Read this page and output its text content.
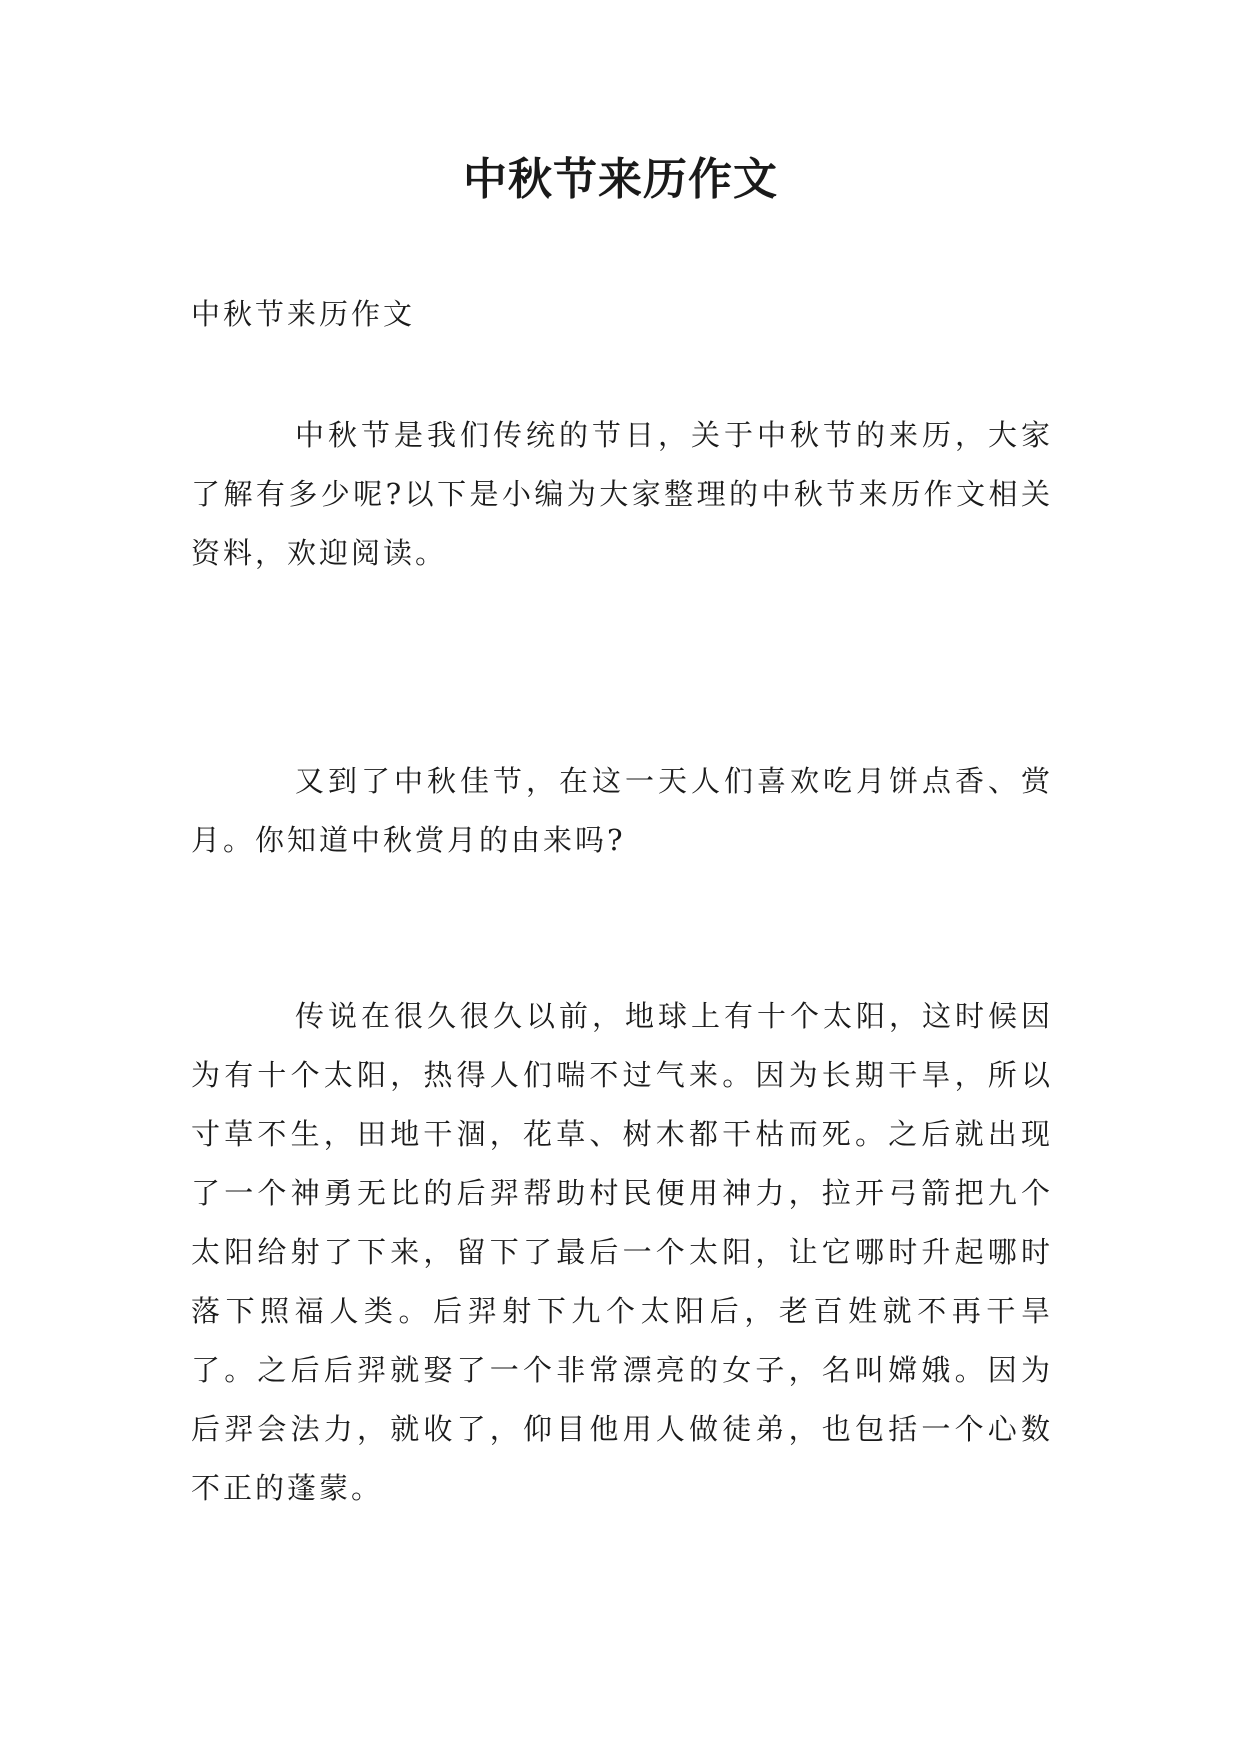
中秋节来历作文
中秋节来历作文

中秋节是我们传统的节日，关于中秋节的来历，大家了解有多少呢?以下是小编为大家整理的中秋节来历作文相关资料，欢迎阅读。

又到了中秋佳节，在这一天人们喜欢吃月饼点香、赏月。你知道中秋赏月的由来吗?

传说在很久很久以前，地球上有十个太阳，这时候因为有十个太阳，热得人们喘不过气来。因为长期干旱，所以寸草不生，田地干涸，花草、树木都干枯而死。之后就出现了一个神勇无比的后羿帮助村民便用神力，拉开弓箭把九个太阳给射了下来，留下了最后一个太阳，让它哪时升起哪时落下照福人类。后羿射下九个太阳后，老百姓就不再干旱了。之后后羿就娶了一个非常漂亮的女子，名叫嫦娥。因为后羿会法力，就收了，仰目他用人做徒弟，也包括一个心数不正的蓬蒙。
